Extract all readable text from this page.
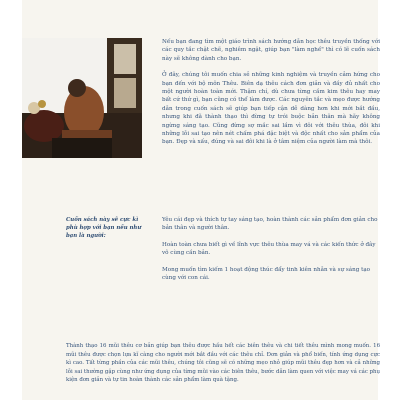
Nếu bạn đang tìm một giáo trình sách hướng dẫn học thêu truyền thống với các quy tắc chặt chẽ, nghiêm ngặt, giúp bạn "làm nghề" thì có lẽ cuốn sách này sẽ không dành cho bạn.

Ở đây, chúng tôi muốn chia sẻ những kinh nghiệm và truyền cảm hứng cho bạn đến với bộ môn Thêu. Biên dạ thêu cách đơn giản và đầy đủ nhất cho một người hoàn toàn mới. Thậm chí, dù chưa từng cầm kim thêu hay may bất cứ thứ gì, bạn cũng có thể làm được. Các nguyên tắc và mẹo được hướng dẫn trong cuốn sách sẽ giúp bạn tiếp cận dễ dàng hơn khi mới bắt đầu, nhưng khi đã thành thạo thì đừng tự trói buộc bản thân mà hãy không ngừng sáng tạo. Cũng đừng sợ mắc sai lầm vì đôi với thêu thùa, đôi khi những lỗi sai tạo nên nét chấm phá đặc biệt và độc nhất cho sản phẩm của bạn. Đẹp và xấu, đúng và sai đôi khi là ở tâm niệm của người làm mà thôi.

Cuốn sách này sẽ cực kì phù hợp với bạn nếu như bạn là người:

Yêu cái đẹp và thích tự tay sáng tạo, hoàn thành các sản phẩm đơn giản cho bản thân và người thân.

Hoàn toàn chưa biết gì về lĩnh vực thêu thùa may vá và các kiến thức ở đây vô cùng cần bản.

Mong muốn tìm kiếm 1 hoạt động thúc đẩy tinh kiên nhẫn và sự sáng tạo cùng với con cái.

Thành thạo 16 mũi thêu cơ bản giúp bạn thêu được hầu hết các biên thêu và chi tiết thêu mình mong muốn. 16 mũi thêu được chọn lựa kĩ càng cho người mới bắt đầu với các thêu chỉ. Đơn giản và phổ biến, tính ứng dụng cực kì cao. Tất từng phần của các mũi thêu, chúng tôi cũng sẽ có những mẹo nhỏ giúp mũi thêu đẹp hơn và cả những lỗi sai thường gặp cùng như ứng dụng của từng mũi vào các biên thêu, bước dẫn làm quen với việc may vá các phụ kiện đơn giản và tự tin hoàn thành các sản phẩm làm quà tặng.
